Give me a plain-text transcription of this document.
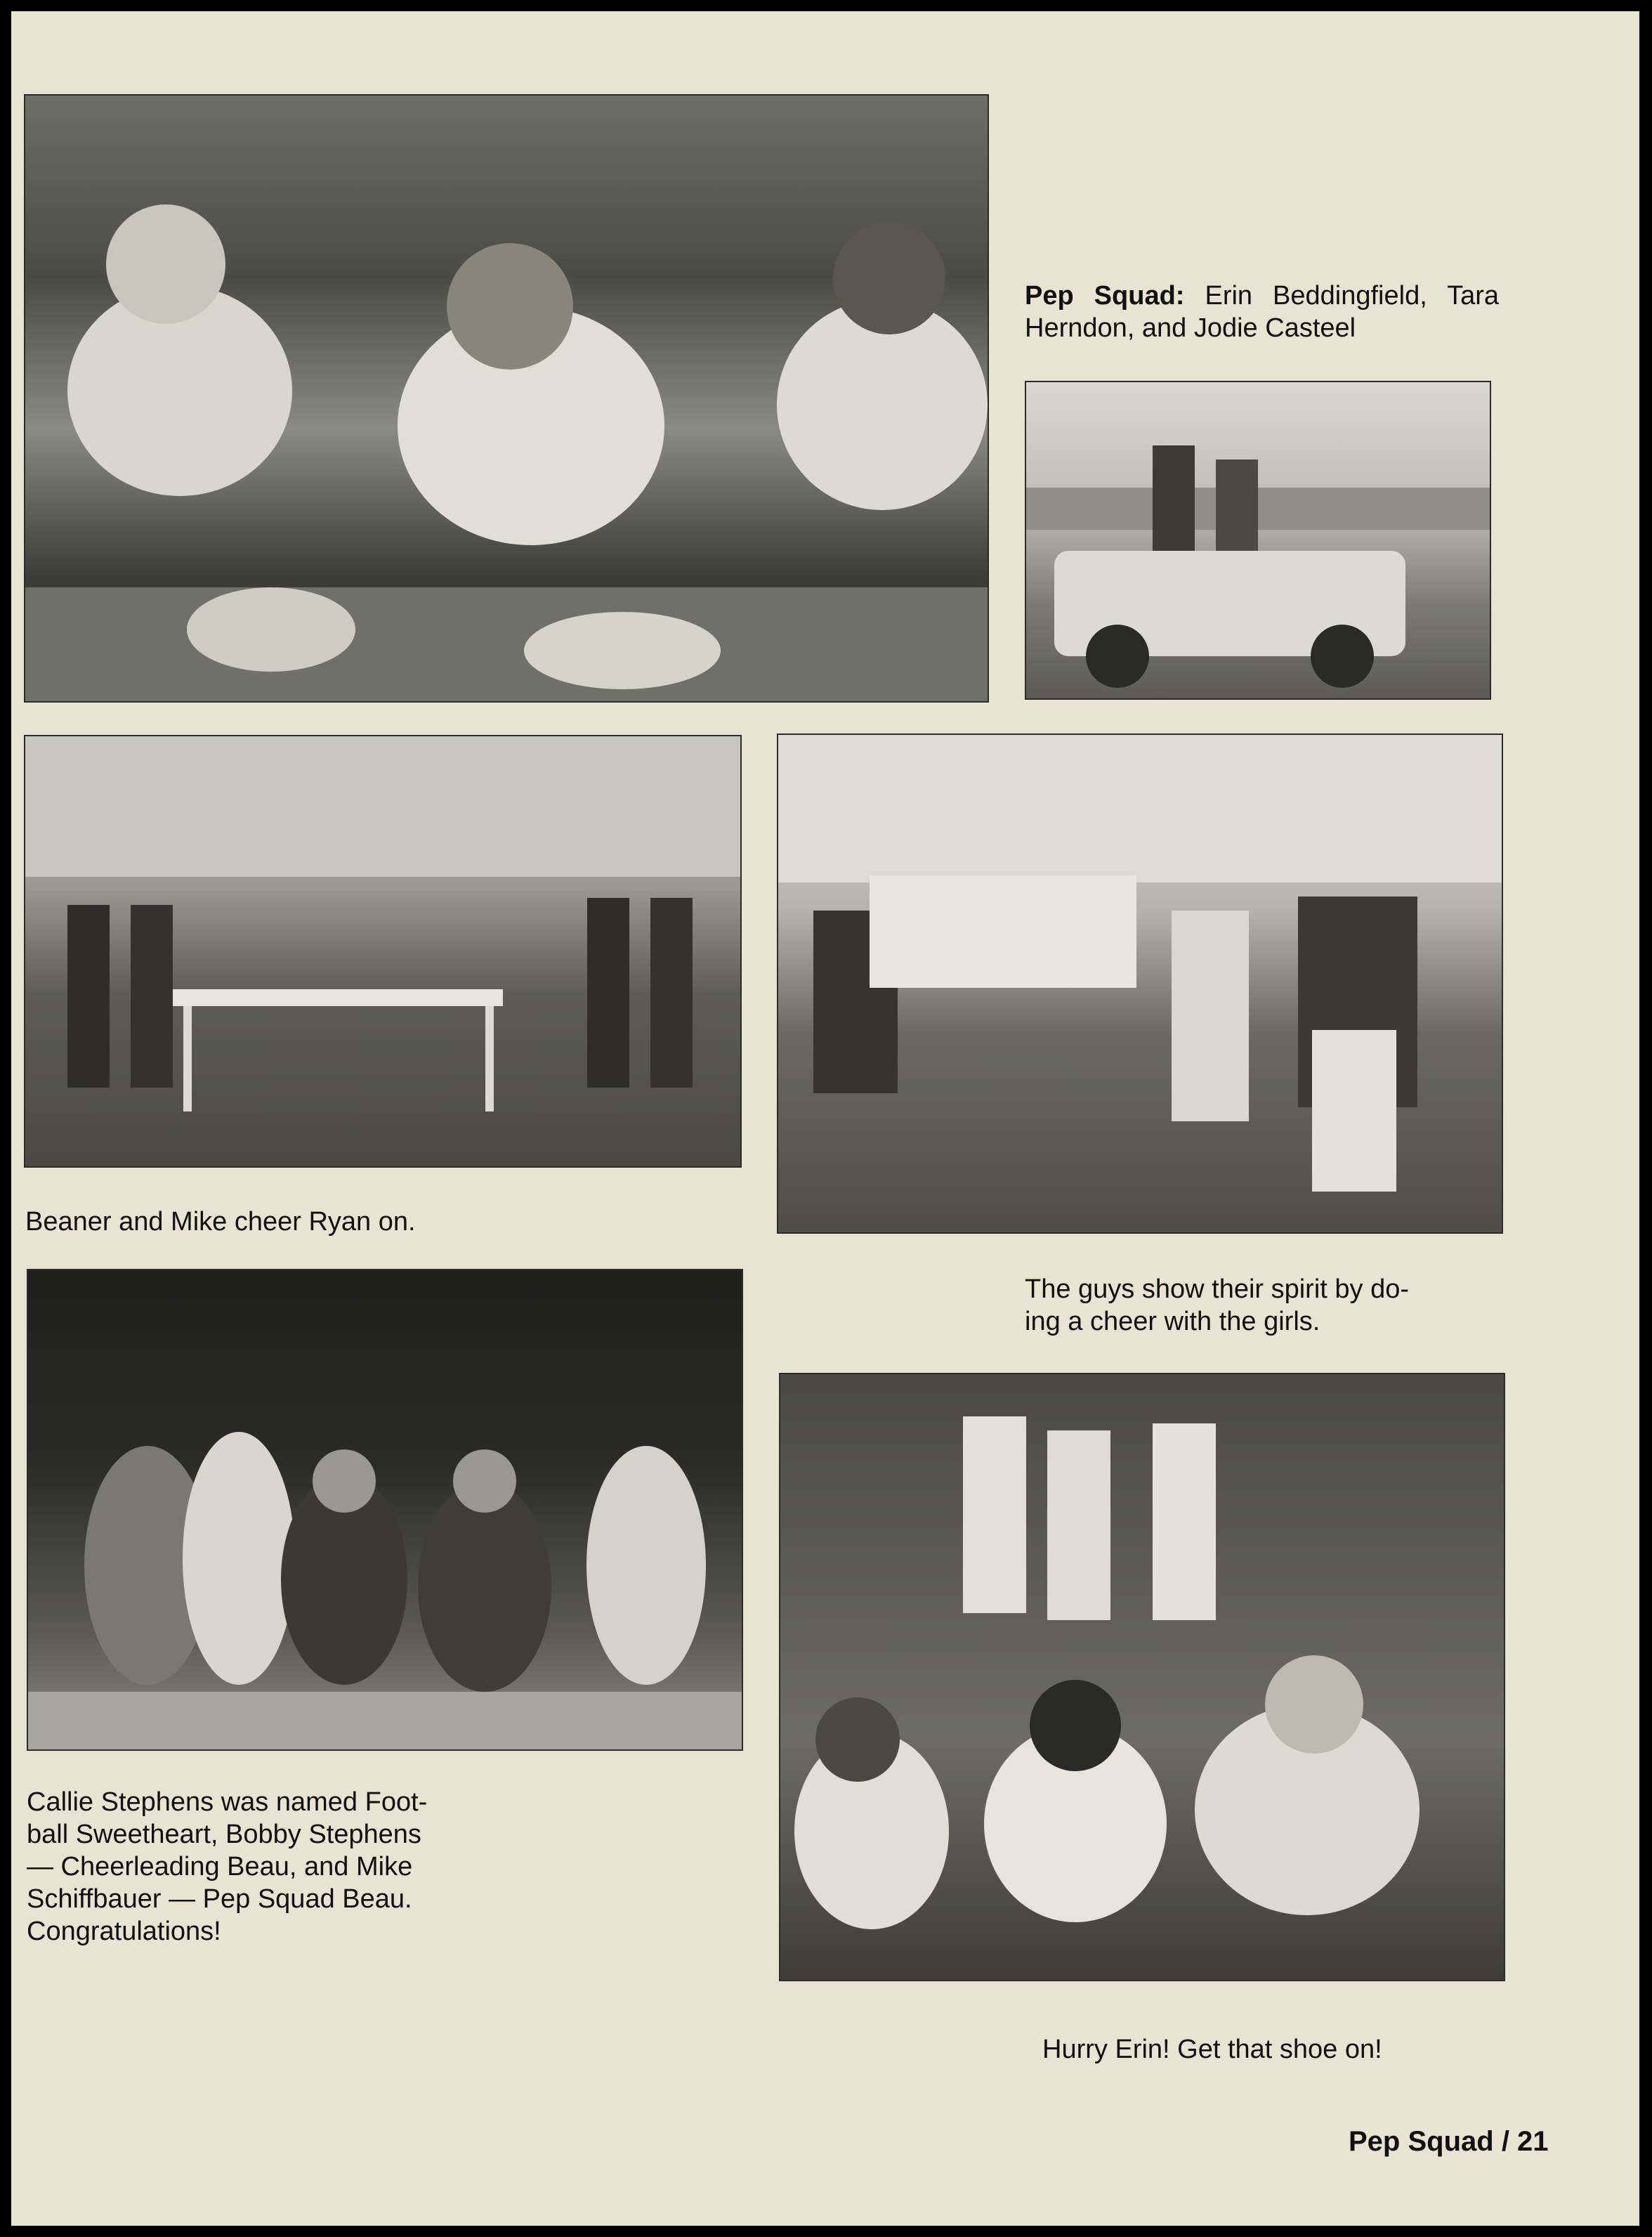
Pep Squad: Erin Beddingfield, Tara Herndon, and Jodie Casteel
Beaner and Mike cheer Ryan on.
The guys show their spirit by do-
ing a cheer with the girls.
Callie Stephens was named Foot-
ball Sweetheart, Bobby Stephens
— Cheerleading Beau, and Mike
Schiffbauer — Pep Squad Beau.
Congratulations!
Hurry Erin! Get that shoe on!
Pep Squad / 21
